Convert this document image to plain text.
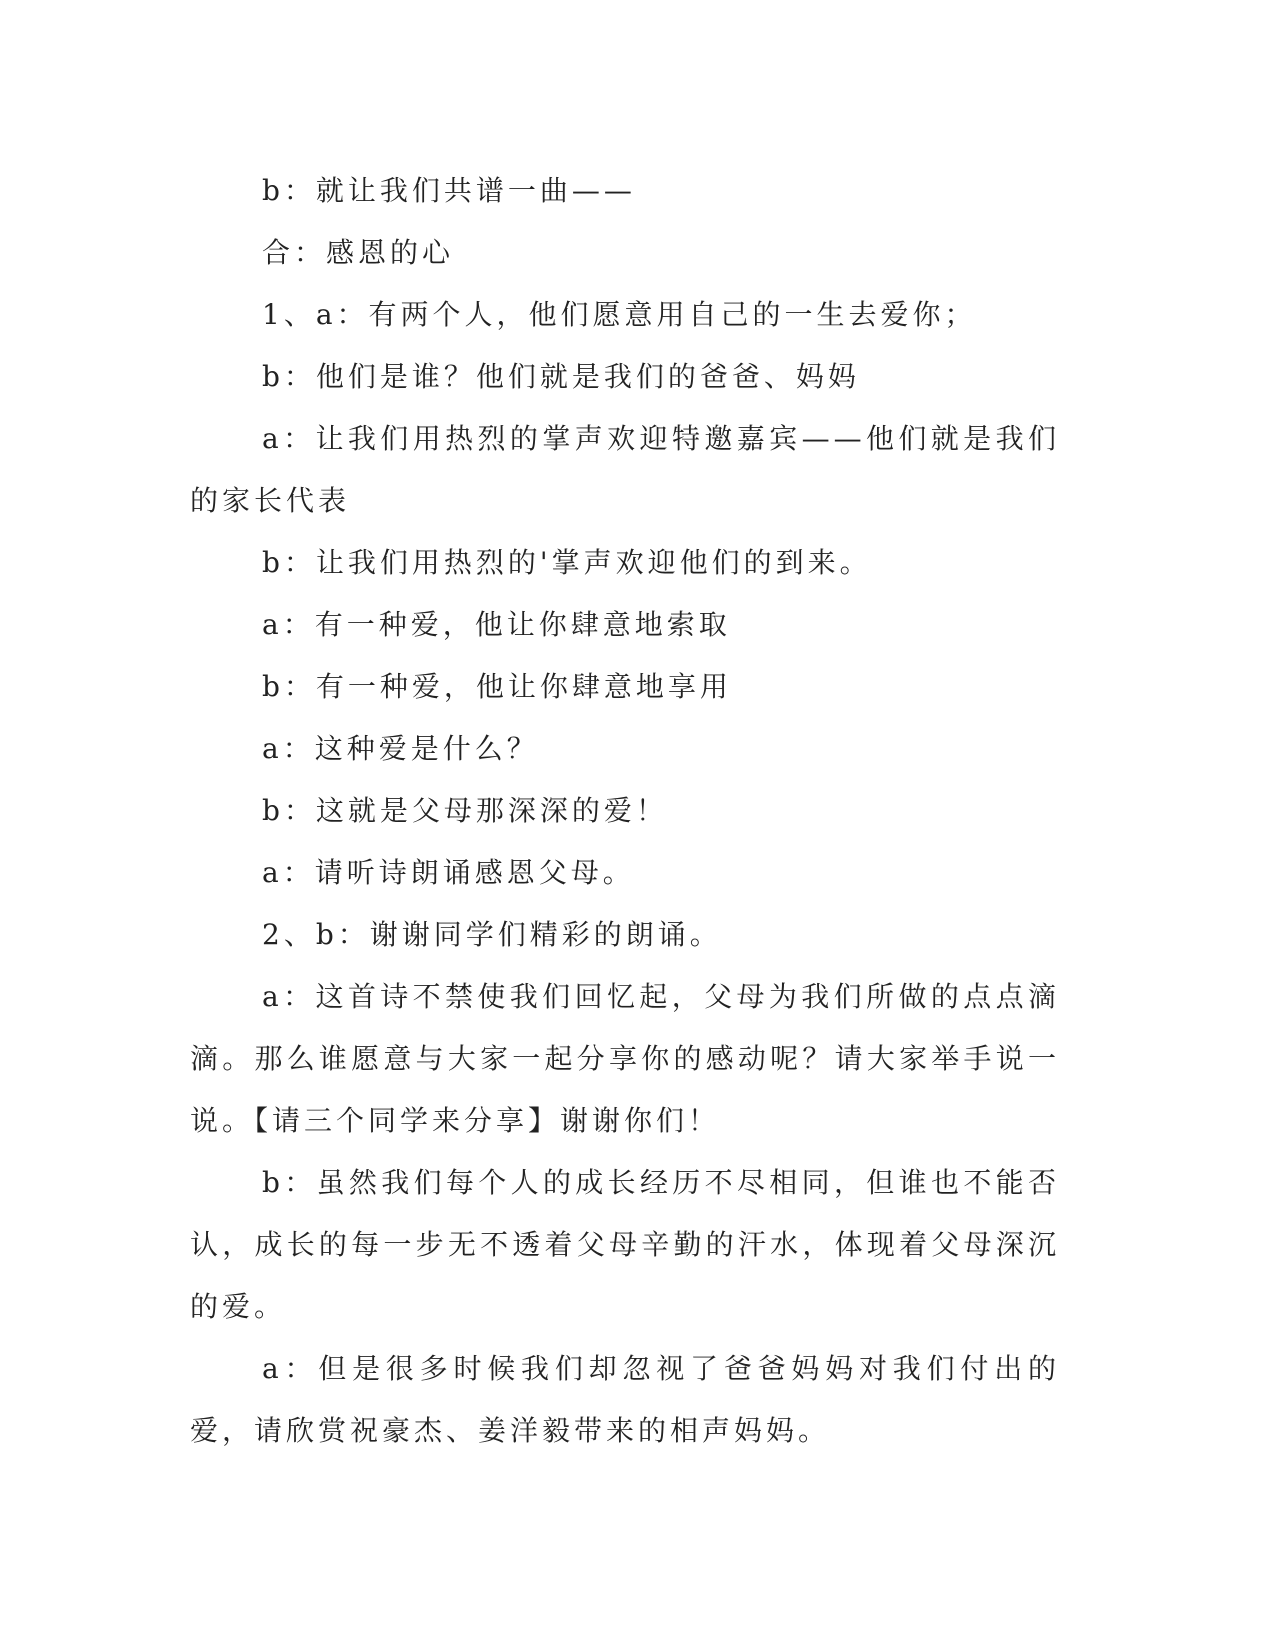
b：就让我们共谱一曲——

合：感恩的心

1、a：有两个人，他们愿意用自己的一生去爱你；

b：他们是谁？他们就是我们的爸爸、妈妈

a：让我们用热烈的掌声欢迎特邀嘉宾——他们就是我们的家长代表

b：让我们用热烈的'掌声欢迎他们的到来。

a：有一种爱，他让你肆意地索取

b：有一种爱，他让你肆意地享用

a：这种爱是什么？

b：这就是父母那深深的爱！

a：请听诗朗诵感恩父母。

2、b：谢谢同学们精彩的朗诵。

a：这首诗不禁使我们回忆起，父母为我们所做的点点滴滴。那么谁愿意与大家一起分享你的感动呢？请大家举手说一说。【请三个同学来分享】谢谢你们！

b：虽然我们每个人的成长经历不尽相同，但谁也不能否认，成长的每一步无不透着父母辛勤的汗水，体现着父母深沉的爱。

a：但是很多时候我们却忽视了爸爸妈妈对我们付出的爱，请欣赏祝豪杰、姜洋毅带来的相声妈妈。
